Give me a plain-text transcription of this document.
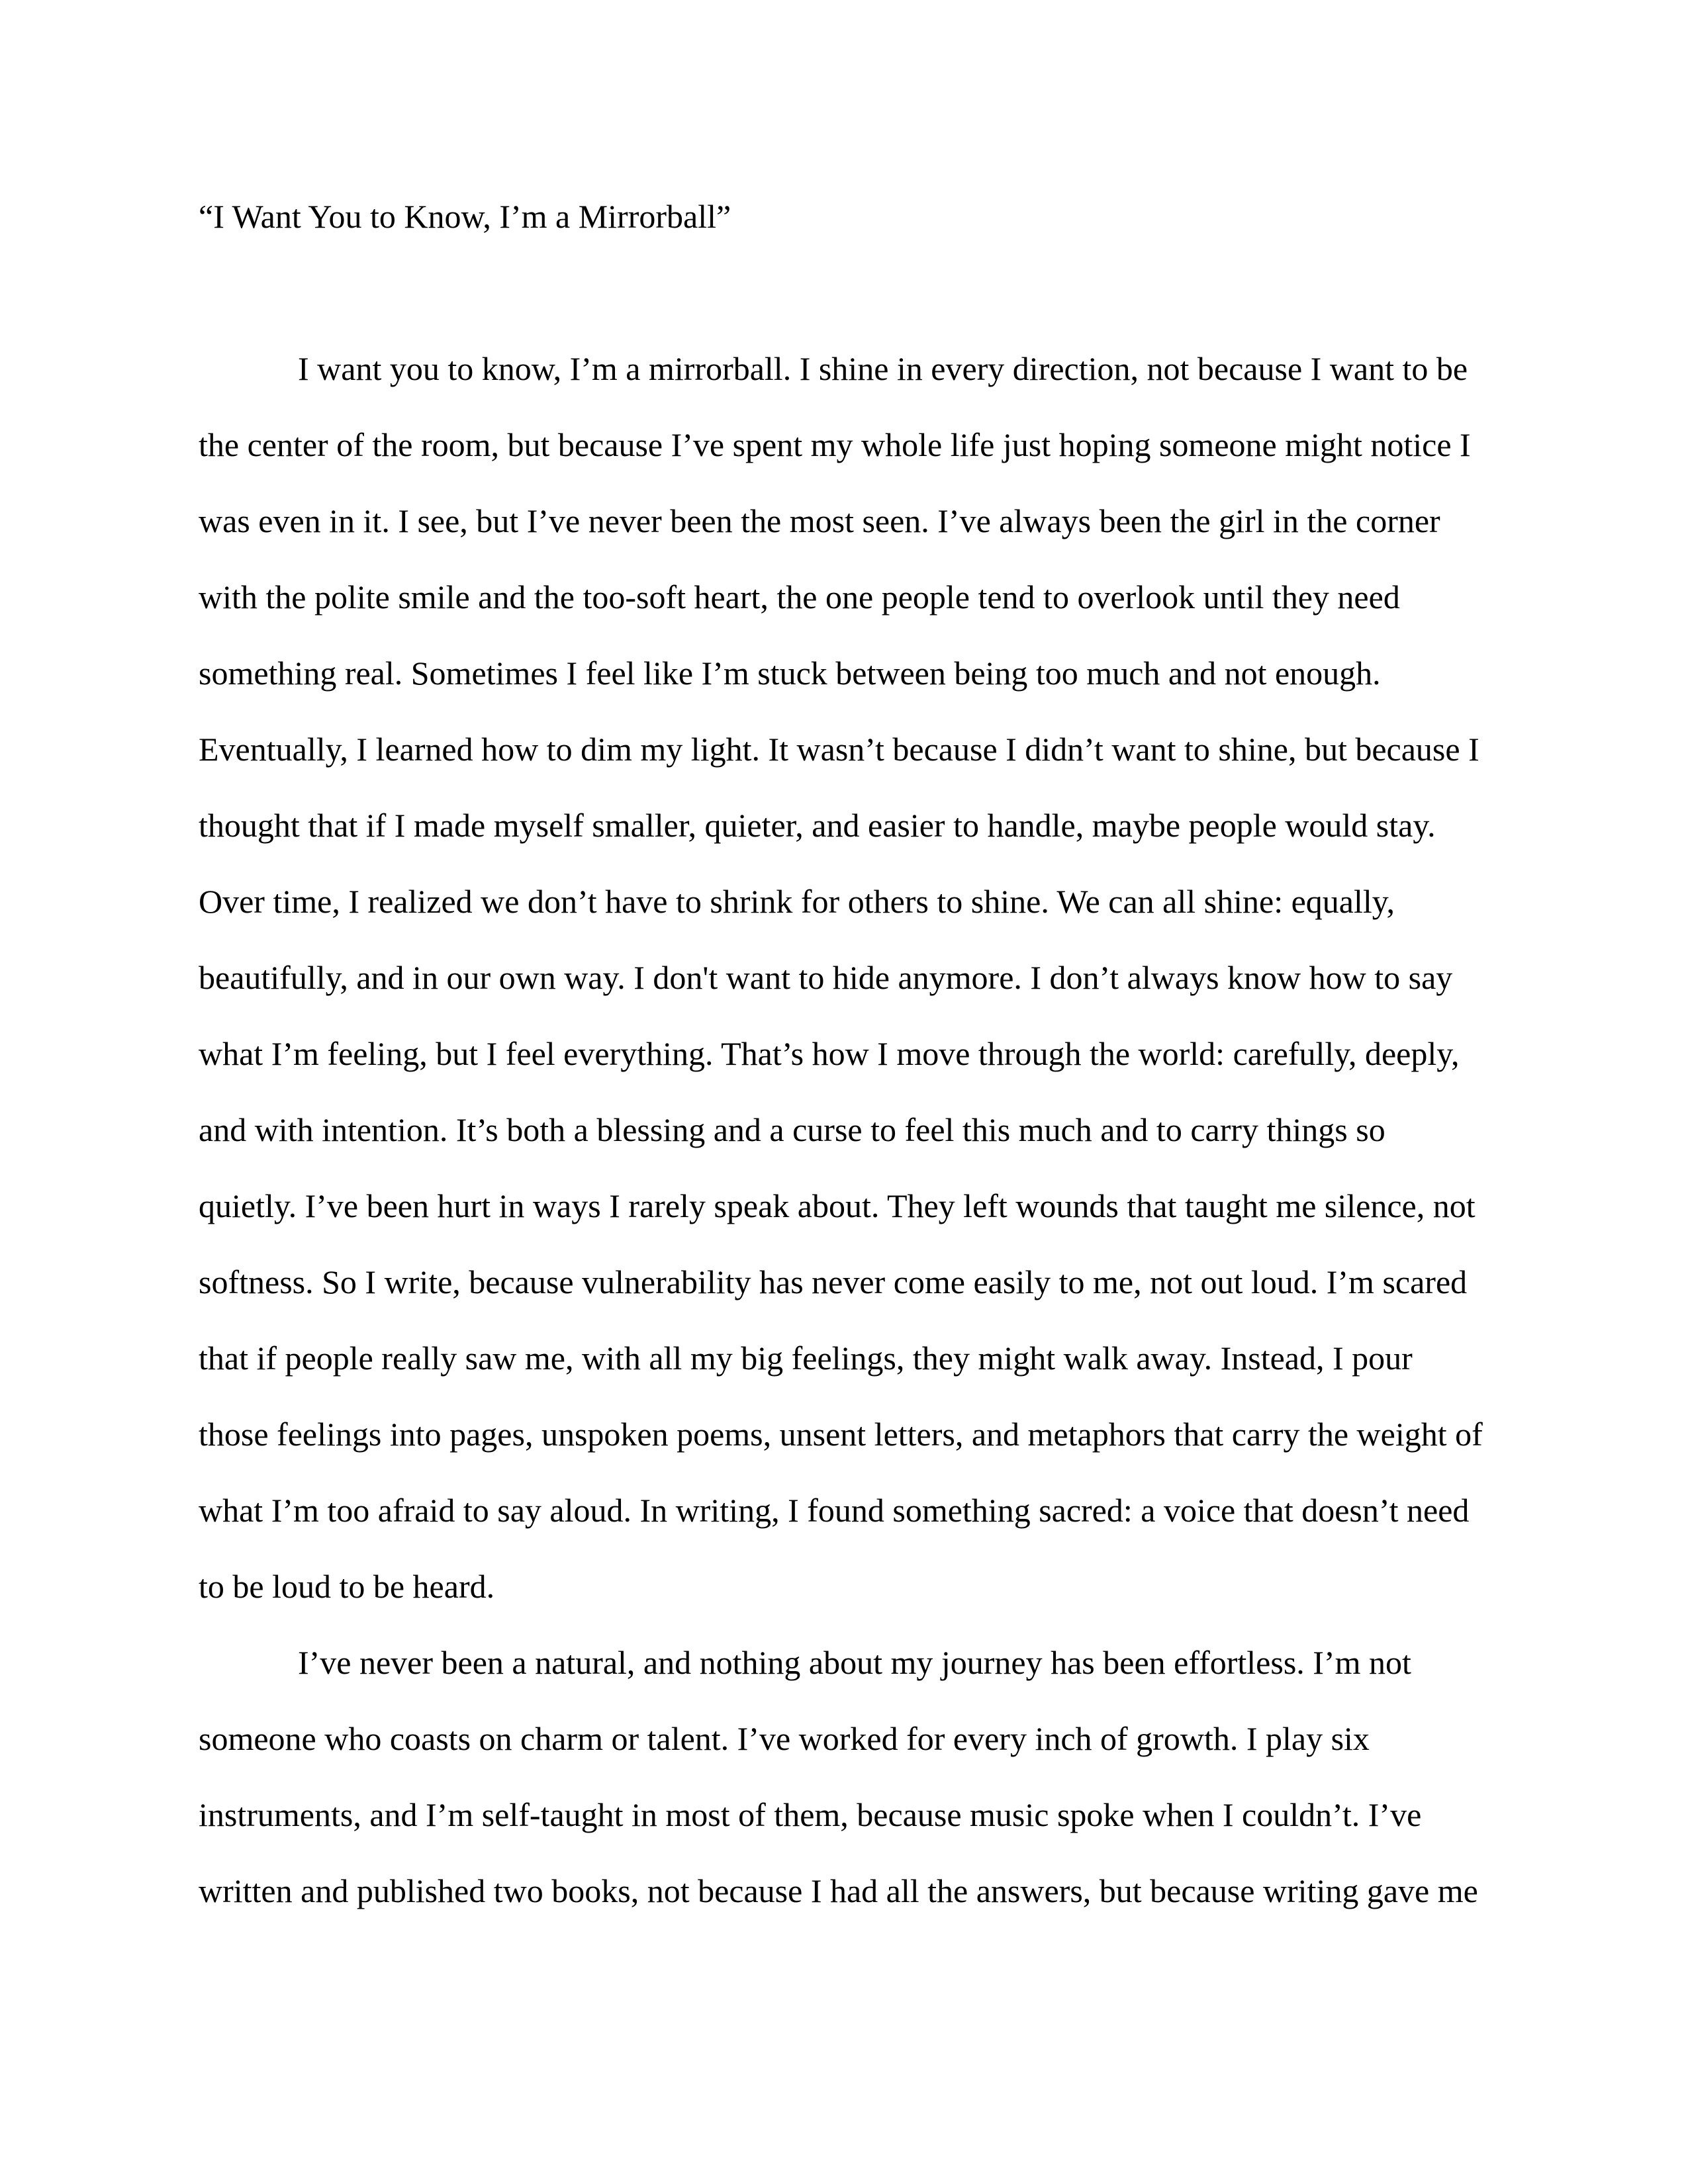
“I Want You to Know, I’m a Mirrorball”
I want you to know, I’m a mirrorball. I shine in every direction, not because I want to be
the center of the room, but because I’ve spent my whole life just hoping someone might notice I
was even in it. I see, but I’ve never been the most seen. I’ve always been the girl in the corner
with the polite smile and the too-soft heart, the one people tend to overlook until they need
something real. Sometimes I feel like I’m stuck between being too much and not enough.
Eventually, I learned how to dim my light. It wasn’t because I didn’t want to shine, but because I
thought that if I made myself smaller, quieter, and easier to handle, maybe people would stay.
Over time, I realized we don’t have to shrink for others to shine. We can all shine: equally,
beautifully, and in our own way. I don't want to hide anymore. I don’t always know how to say
what I’m feeling, but I feel everything. That’s how I move through the world: carefully, deeply,
and with intention. It’s both a blessing and a curse to feel this much and to carry things so
quietly. I’ve been hurt in ways I rarely speak about. They left wounds that taught me silence, not
softness. So I write, because vulnerability has never come easily to me, not out loud. I’m scared
that if people really saw me, with all my big feelings, they might walk away. Instead, I pour
those feelings into pages, unspoken poems, unsent letters, and metaphors that carry the weight of
what I’m too afraid to say aloud. In writing, I found something sacred: a voice that doesn’t need
to be loud to be heard.
I’ve never been a natural, and nothing about my journey has been effortless. I’m not
someone who coasts on charm or talent. I’ve worked for every inch of growth. I play six
instruments, and I’m self-taught in most of them, because music spoke when I couldn’t. I’ve
written and published two books, not because I had all the answers, but because writing gave me
